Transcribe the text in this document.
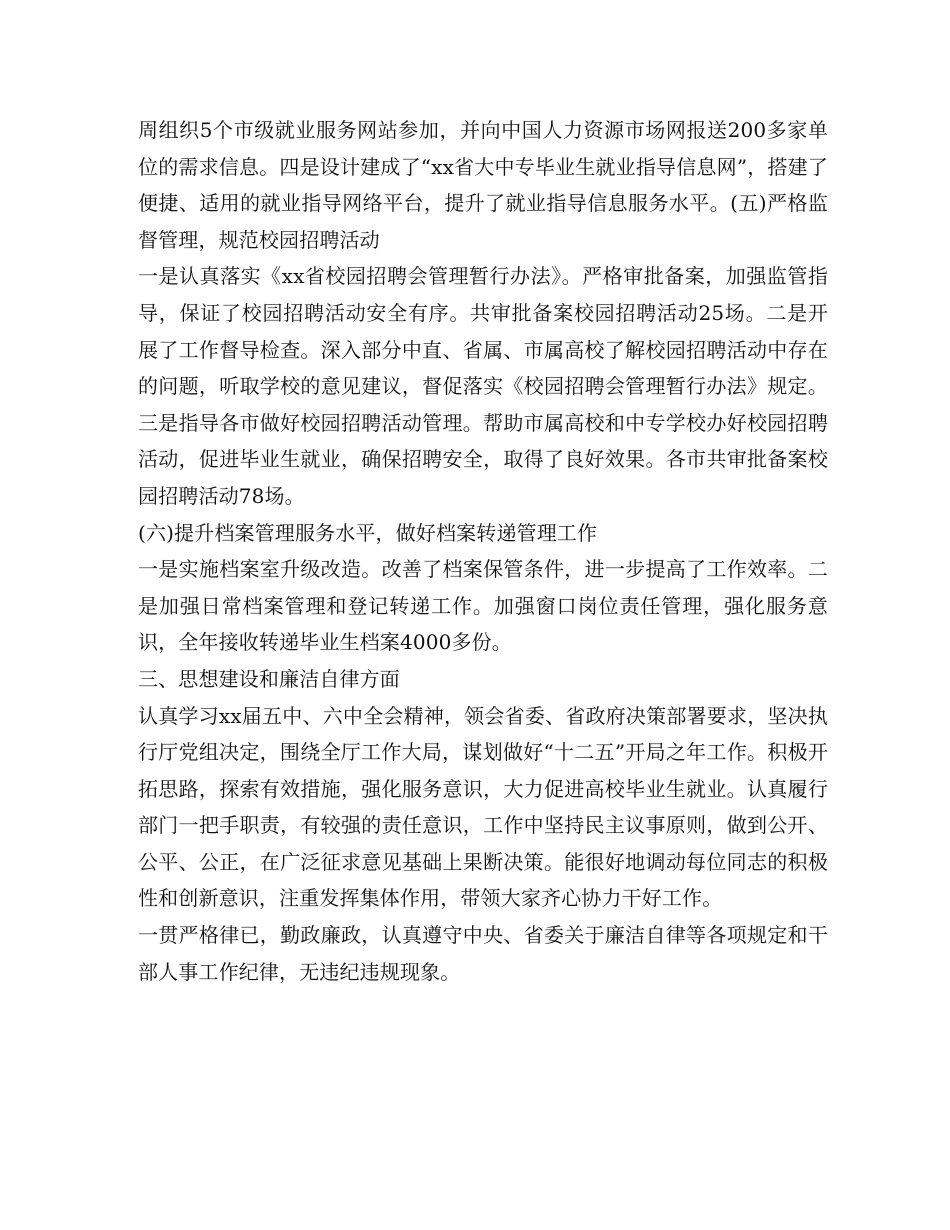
周组织5个市级就业服务网站参加，并向中国人力资源市场网报送200多家单位的需求信息。四是设计建成了“xx省大中专毕业生就业指导信息网”，搭建了便捷、适用的就业指导网络平台，提升了就业指导信息服务水平。(五)严格监督管理，规范校园招聘活动

一是认真落实《xx省校园招聘会管理暂行办法》。严格审批备案，加强监管指导，保证了校园招聘活动安全有序。共审批备案校园招聘活动25场。二是开展了工作督导检查。深入部分中直、省属、市属高校了解校园招聘活动中存在的问题，听取学校的意见建议，督促落实《校园招聘会管理暂行办法》规定。三是指导各市做好校园招聘活动管理。帮助市属高校和中专学校办好校园招聘活动，促进毕业生就业，确保招聘安全，取得了良好效果。各市共审批备案校园招聘活动78场。

(六)提升档案管理服务水平，做好档案转递管理工作

一是实施档案室升级改造。改善了档案保管条件，进一步提高了工作效率。二是加强日常档案管理和登记转递工作。加强窗口岗位责任管理，强化服务意识，全年接收转递毕业生档案4000多份。

三、思想建设和廉洁自律方面

认真学习xx届五中、六中全会精神，领会省委、省政府决策部署要求，坚决执行厅党组决定，围绕全厅工作大局，谋划做好“十二五”开局之年工作。积极开拓思路，探索有效措施，强化服务意识，大力促进高校毕业生就业。认真履行部门一把手职责，有较强的责任意识，工作中坚持民主议事原则，做到公开、公平、公正，在广泛征求意见基础上果断决策。能很好地调动每位同志的积极性和创新意识，注重发挥集体作用，带领大家齐心协力干好工作。

一贯严格律已，勤政廉政，认真遵守中央、省委关于廉洁自律等各项规定和干部人事工作纪律，无违纪违规现象。
